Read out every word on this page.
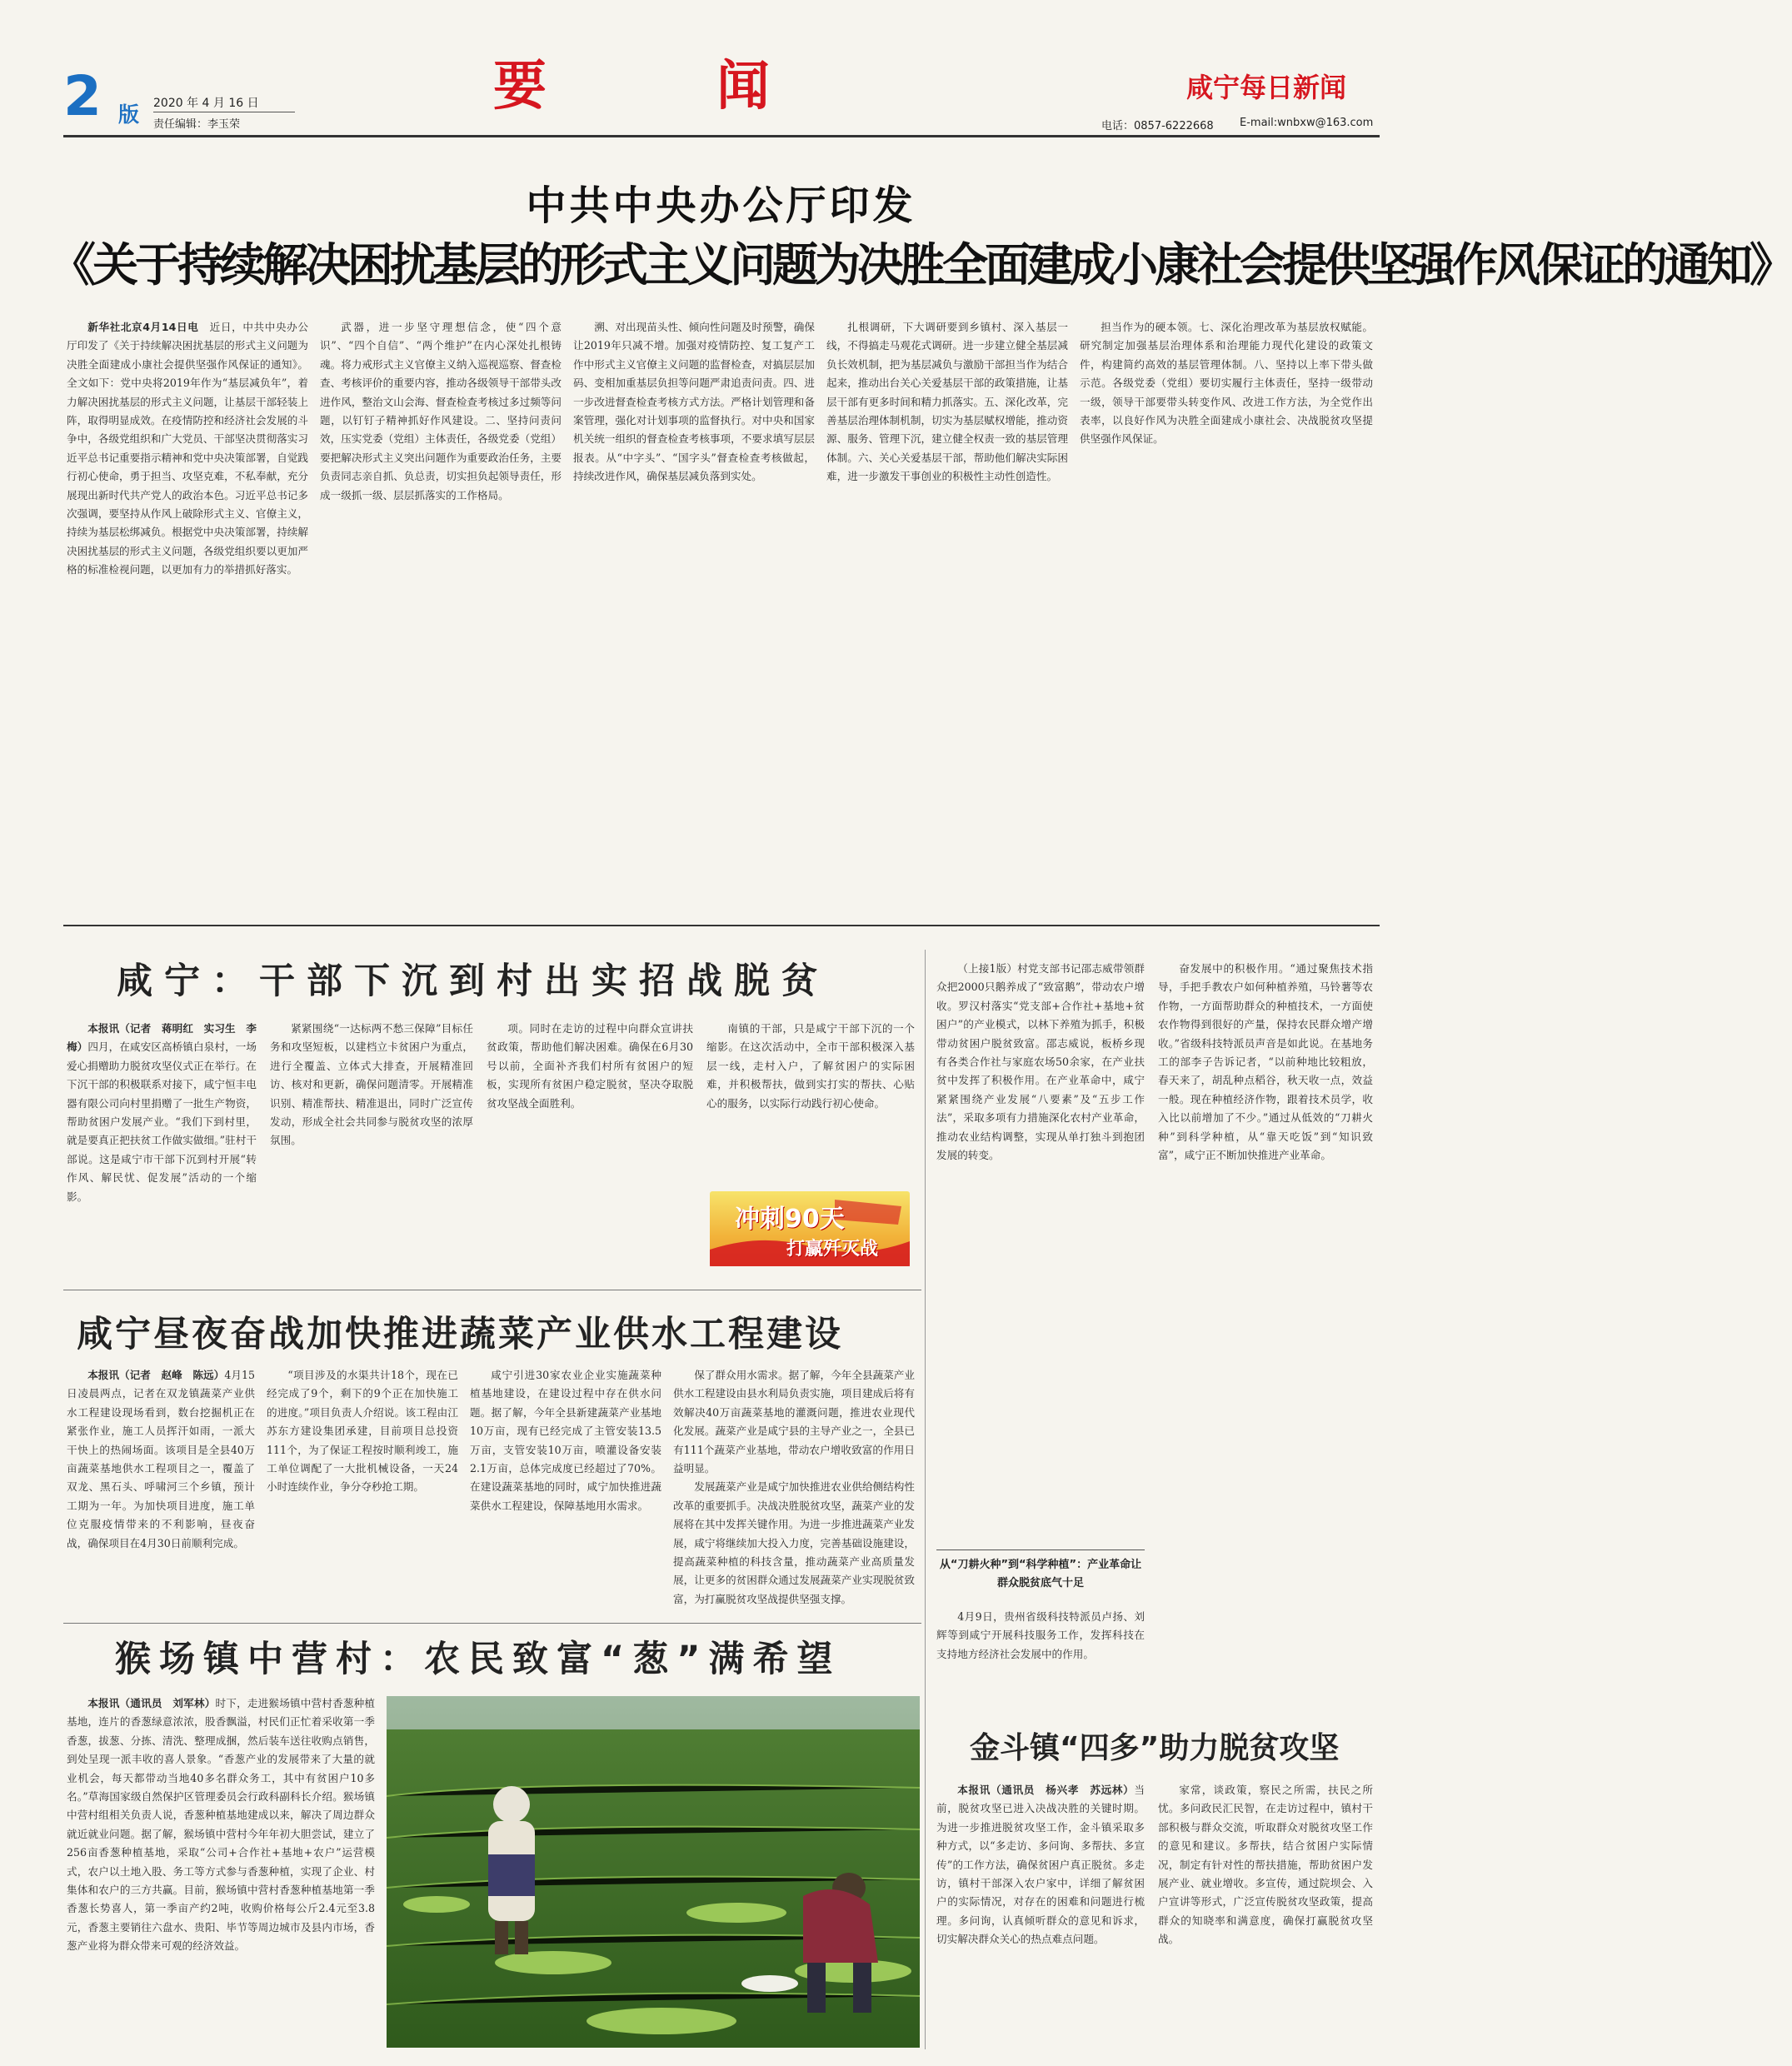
2 版 2020 年 4 月 16 日
责任编辑：李玉荣
要　闻	咸宁每日新闻
电话：0857-6222668 E-mail:wnbxw@163.com
中共中央办公厅印发
《关于持续解决困扰基层的形式主义问题为决胜全面建成小康社会提供坚强作风保证的通知》

新华社北京4月14日电　 近日，中共中央办公厅印发了《关于持续解决困扰基层的形式主义问题为决胜全面建成小康社会提供坚强作风保证的通知》。全文如下：党中央将2019年作为“基层减负年”，着力解决困扰基层的形式主义问题，让基层干部轻装上阵，取得明显成效。在疫情防控和经济社会发展的斗争中，各级党组织和广大党员、干部坚决贯彻落实习近平总书记重要指示精神和党中央决策部署，自觉践行初心使命，勇于担当、攻坚克难，不私奉献，充分展现出新时代共产党人的政治本色。习近平总书记多次强调，要坚持从作风上破除形式主义、官僚主义，持续为基层松绑减负。根据党中央决策部署，持续解决困扰基层的形式主义问题，各级党组织要以更加严格的标准检视问题，以更加有力的举措抓好落实。

武器，进一步坚守理想信念，使“四个意识”、“四个自信”、“两个维护”在内心深处扎根铸魂。将力戒形式主义官僚主义纳入巡视巡察、督查检查、考核评价的重要内容，推动各级领导干部带头改进作风，整治文山会海、督查检查考核过多过频等问题，以钉钉子精神抓好作风建设。二、坚持问责问效，压实党委（党组）主体责任，各级党委（党组）要把解决形式主义突出问题作为重要政治任务，主要负责同志亲自抓、负总责，切实担负起领导责任，形成一级抓一级、层层抓落实的工作格局。

溯、对出现苗头性、倾向性问题及时预警，确保让2019年只减不增。加强对疫情防控、复工复产工作中形式主义官僚主义问题的监督检查，对搞层层加码、变相加重基层负担等问题严肃追责问责。四、进一步改进督查检查考核方式方法。严格计划管理和备案管理，强化对计划事项的监督执行。对中央和国家机关统一组织的督查检查考核事项，不要求填写层层报表。从“中字头”、“国字头”督查检查考核做起，持续改进作风，确保基层减负落到实处。

扎根调研，下大调研要到乡镇村、深入基层一线，不得搞走马观花式调研。进一步建立健全基层减负长效机制，把为基层减负与激励干部担当作为结合起来，推动出台关心关爱基层干部的政策措施，让基层干部有更多时间和精力抓落实。五、深化改革，完善基层治理体制机制，切实为基层赋权增能，推动资源、服务、管理下沉，建立健全权责一致的基层管理体制。六、关心关爱基层干部，帮助他们解决实际困难，进一步激发干事创业的积极性主动性创造性。

担当作为的硬本领。七、深化治理改革为基层放权赋能。研究制定加强基层治理体系和治理能力现代化建设的政策文件，构建简约高效的基层管理体制。八、坚持以上率下带头做示范。各级党委（党组）要切实履行主体责任，坚持一级带动一级，领导干部要带头转变作风、改进工作方法，为全党作出表率，以良好作风为决胜全面建成小康社会、决战脱贫攻坚提供坚强作风保证。

咸宁：干部下沉到村出实招战脱贫

本报讯（记者　蒋明红　实习生　李梅）四月，在咸安区高桥镇白泉村，一场爱心捐赠助力脱贫攻坚仪式正在举行。在下沉干部的积极联系对接下，咸宁恒丰电器有限公司向村里捐赠了一批生产物资，帮助贫困户发展产业。“我们下到村里，就是要真正把扶贫工作做实做细。”驻村干部说。这是咸宁市干部下沉到村开展“转作风、解民忧、促发展”活动的一个缩影。

紧紧围绕“一达标两不愁三保障”目标任务和攻坚短板，以建档立卡贫困户为重点，进行全覆盖、立体式大排查，开展精准回访、核对和更新，确保问题清零。开展精准识别、精准帮扶、精准退出，同时广泛宣传发动，形成全社会共同参与脱贫攻坚的浓厚氛围。

项。同时在走访的过程中向群众宣讲扶贫政策，帮助他们解决困难。确保在6月30号以前，全面补齐我们村所有贫困户的短板，实现所有贫困户稳定脱贫，坚决夺取脱贫攻坚战全面胜利。

南镇的干部，只是咸宁干部下沉的一个缩影。在这次活动中，全市干部积极深入基层一线，走村入户，了解贫困户的实际困难，并积极帮扶，做到实打实的帮扶、心贴心的服务，以实际行动践行初心使命。

冲刺90天
打赢歼灭战

（上接1版）村党支部书记邵志威带领群众把2000只鹅养成了“致富鹅”，带动农户增收。罗汉村落实“党支部+合作社+基地+贫困户”的产业模式，以林下养殖为抓手，积极带动贫困户脱贫致富。邵志威说，板桥乡现有各类合作社与家庭农场50余家，在产业扶贫中发挥了积极作用。在产业革命中，咸宁紧紧围绕产业发展“八要素”及“五步工作法”，采取多项有力措施深化农村产业革命，推动农业结构调整，实现从单打独斗到抱团发展的转变。

奋发展中的积极作用。“通过聚焦技术指导，手把手教农户如何种植养殖，马铃薯等农作物，一方面帮助群众的种植技术，一方面使农作物得到很好的产量，保持农民群众增产增收。”省级科技特派员声音是如此说。在基地务工的部李子告诉记者，“以前种地比较粗放，春天来了，胡乱种点稻谷，秋天收一点，效益一般。现在种植经济作物，跟着技术员学，收入比以前增加了不少。”通过从低效的“刀耕火种”到科学种植，从“靠天吃饭”到“知识致富”，咸宁正不断加快推进产业革命。

咸宁昼夜奋战加快推进蔬菜产业供水工程建设

本报讯（记者　赵峰　陈远）4月15日凌晨两点，记者在双龙镇蔬菜产业供水工程建设现场看到，数台挖掘机正在紧张作业，施工人员挥汗如雨，一派大干快上的热闹场面。该项目是全县40万亩蔬菜基地供水工程项目之一，覆盖了双龙、黑石头、呼啸河三个乡镇，预计工期为一年。为加快项目进度，施工单位克服疫情带来的不利影响，昼夜奋战，确保项目在4月30日前顺利完成。

“项目涉及的水渠共计18个，现在已经完成了9个，剩下的9个正在加快施工的进度。”项目负责人介绍说。该工程由江苏东方建设集团承建，目前项目总投资111个，为了保证工程按时顺利竣工，施工单位调配了一大批机械设备，一天24小时连续作业，争分夺秒抢工期。

咸宁引进30家农业企业实施蔬菜种植基地建设，在建设过程中存在供水问题。据了解，今年全县新建蔬菜产业基地10万亩，现有已经完成了主管安装13.5万亩，支管安装10万亩，喷灌设备安装2.1万亩，总体完成度已经超过了70%。在建设蔬菜基地的同时，咸宁加快推进蔬菜供水工程建设，保障基地用水需求。

保了群众用水需求。据了解，今年全县蔬菜产业供水工程建设由县水利局负责实施，项目建成后将有效解决40万亩蔬菜基地的灌溉问题，推进农业现代化发展。蔬菜产业是咸宁县的主导产业之一，全县已有111个蔬菜产业基地，带动农户增收致富的作用日益明显。

发展蔬菜产业是咸宁加快推进农业供给侧结构性改革的重要抓手。决战决胜脱贫攻坚，蔬菜产业的发展将在其中发挥关键作用。为进一步推进蔬菜产业发展，咸宁将继续加大投入力度，完善基础设施建设，提高蔬菜种植的科技含量，推动蔬菜产业高质量发展，让更多的贫困群众通过发展蔬菜产业实现脱贫致富，为打赢脱贫攻坚战提供坚强支撑。

从“刀耕火种”到“科学种植”：产业革命让群众脱贫底气十足

4月9日，贵州省级科技特派员卢扬、刘辉等到咸宁开展科技服务工作，发挥科技在支持地方经济社会发展中的作用。

猴场镇中营村：农民致富“葱”满希望

本报讯（通讯员　刘军林）时下，走进猴场镇中营村香葱种植基地，连片的香葱绿意浓浓，股香飘溢，村民们正忙着采收第一季香葱，拔葱、分拣、清洗、整理成捆，然后装车送往收购点销售，到处呈现一派丰收的喜人景象。“香葱产业的发展带来了大量的就业机会，每天都带动当地40多名群众务工，其中有贫困户10多名。”草海国家级自然保护区管理委员会行政科副科长介绍。猴场镇中营村组相关负责人说，香葱种植基地建成以来，解决了周边群众就近就业问题。据了解，猴场镇中营村今年年初大胆尝试，建立了256亩香葱种植基地，采取“公司+合作社+基地+农户”运营模式，农户以土地入股、务工等方式参与香葱种植，实现了企业、村集体和农户的三方共赢。目前，猴场镇中营村香葱种植基地第一季香葱长势喜人，第一季亩产约2吨，收购价格每公斤2.4元至3.8元，香葱主要销往六盘水、贵阳、毕节等周边城市及县内市场，香葱产业将为群众带来可观的经济效益。

金斗镇“四多”助力脱贫攻坚

本报讯（通讯员　杨兴孝　苏远林）当前，脱贫攻坚已进入决战决胜的关键时期。为进一步推进脱贫攻坚工作，金斗镇采取多种方式，以“多走访、多问询、多帮扶、多宣传”的工作方法，确保贫困户真正脱贫。多走访，镇村干部深入农户家中，详细了解贫困户的实际情况，对存在的困难和问题进行梳理。多问询，认真倾听群众的意见和诉求，切实解决群众关心的热点难点问题。

家常，谈政策，察民之所需，扶民之所忧。多问政民汇民智，在走访过程中，镇村干部积极与群众交流，听取群众对脱贫攻坚工作的意见和建议。多帮扶，结合贫困户实际情况，制定有针对性的帮扶措施，帮助贫困户发展产业、就业增收。多宣传，通过院坝会、入户宣讲等形式，广泛宣传脱贫攻坚政策，提高群众的知晓率和满意度，确保打赢脱贫攻坚战。
